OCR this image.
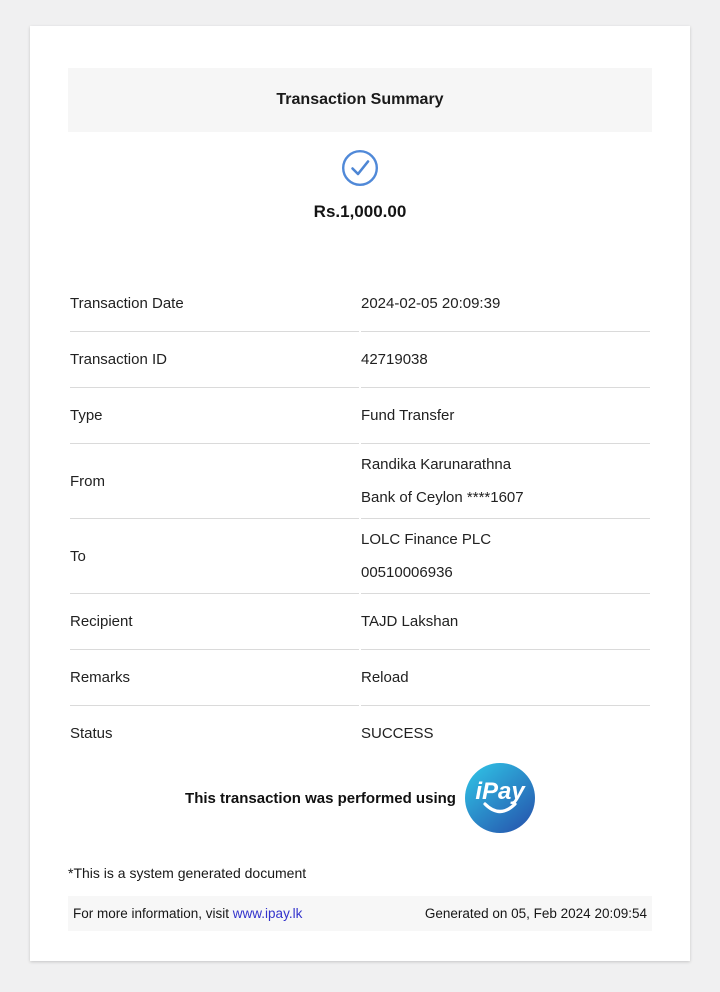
Transaction Summary
Rs.1,000.00
Transaction Date	2024-02-05 20:09:39

Transaction ID	42719038

Type	Fund Transfer

From	Randika Karunarathna
Bank of Ceylon ****1607

To	LOLC Finance PLC
00510006936

Recipient	TAJD Lakshan

Remarks	Reload

Status	SUCCESS
This transaction was performed using iPay
*This is a system generated document
For more information, visit www.ipay.lk	Generated on 05, Feb 2024 20:09:54
